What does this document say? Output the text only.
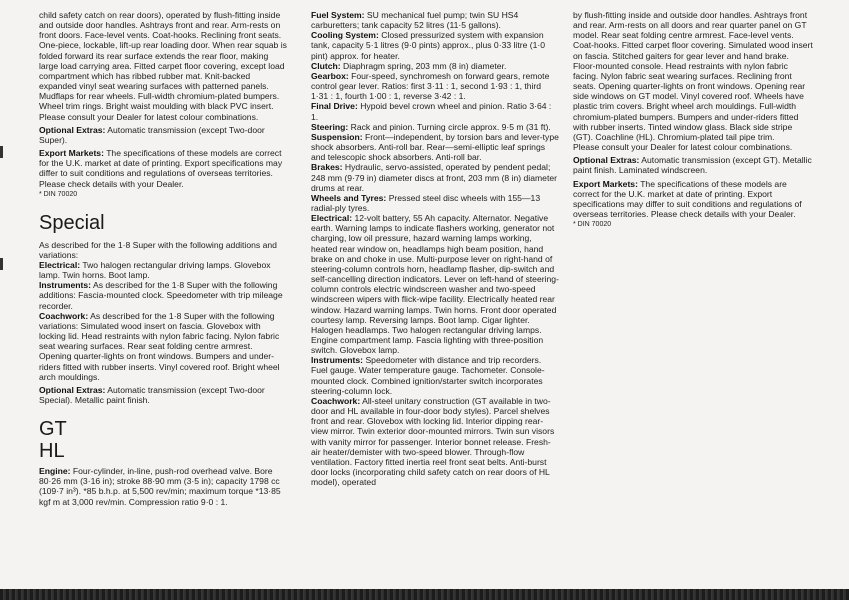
child safety catch on rear doors), operated by flush-fitting inside and outside door handles. Ashtrays front and rear. Arm-rests on front doors. Face-level vents. Coat-hooks. Reclining front seats. One-piece, lockable, lift-up rear loading door. When rear squab is folded forward its rear surface extends the rear floor, making large load carrying area. Fitted carpet floor covering, except load compartment which has ribbed rubber mat. Knit-backed expanded vinyl seat wearing surfaces with patterned panels. Mudflaps for rear wheels. Full-width chromium-plated bumpers. Wheel trim rings. Bright waist moulding with black PVC insert.

Please consult your Dealer for latest colour combinations.

Optional Extras: Automatic transmission (except Two-door Super).

Export Markets: The specifications of these models are correct for the U.K. market at date of printing. Export specifications may differ to suit conditions and regulations of overseas territories. Please check details with your Dealer.

* DIN 70020

Special

As described for the 1·8 Super with the following additions and variations:

Electrical: Two halogen rectangular driving lamps. Glovebox lamp. Twin horns. Boot lamp.

Instruments: As described for the 1·8 Super with the following additions: Fascia-mounted clock. Speedometer with trip mileage recorder.

Coachwork: As described for the 1·8 Super with the following variations: Simulated wood insert on fascia. Glovebox with locking lid. Head restraints with nylon fabric facing. Nylon fabric seat wearing surfaces. Rear seat folding centre armrest. Opening quarter-lights on front windows. Bumpers and under-riders fitted with rubber inserts. Vinyl covered roof. Bright wheel arch mouldings.

Optional Extras: Automatic transmission (except Two-door Special). Metallic paint finish.

GT
HL

Engine: Four-cylinder, in-line, push-rod overhead valve. Bore 80·26 mm (3·16 in); stroke 88·90 mm (3·5 in); capacity 1798 cc (109·7 in³). *85 b.h.p. at 5,500 rev/min; maximum torque *13·85 kgf m at 3,000 rev/min. Compression ratio 9·0 : 1.

Fuel System: SU mechanical fuel pump; twin SU HS4 carburetters; tank capacity 52 litres (11·5 gallons).

Cooling System: Closed pressurized system with expansion tank, capacity 5·1 litres (9·0 pints) approx., plus 0·33 litre (1·0 pint) approx. for heater.

Clutch: Diaphragm spring, 203 mm (8 in) diameter.

Gearbox: Four-speed, synchromesh on forward gears, remote control gear lever. Ratios: first 3·11 : 1, second 1·93 : 1, third 1·31 : 1, fourth 1·00 : 1, reverse 3·42 : 1.

Final Drive: Hypoid bevel crown wheel and pinion. Ratio 3·64 : 1.

Steering: Rack and pinion. Turning circle approx. 9·5 m (31 ft).

Suspension: Front—independent, by torsion bars and lever-type shock absorbers. Anti-roll bar. Rear—semi-elliptic leaf springs and telescopic shock absorbers. Anti-roll bar.

Brakes: Hydraulic, servo-assisted, operated by pendent pedal; 248 mm (9·79 in) diameter discs at front, 203 mm (8 in) diameter drums at rear.

Wheels and Tyres: Pressed steel disc wheels with 155—13 radial-ply tyres.

Electrical: 12-volt battery, 55 Ah capacity. Alternator. Negative earth. Warning lamps to indicate flashers working, generator not charging, low oil pressure, hazard warning lamps working, heated rear window on, headlamps high beam position, hand brake on and choke in use. Multi-purpose lever on right-hand of steering-column controls horn, headlamp flasher, dip-switch and self-cancelling direction indicators. Lever on left-hand of steering-column controls electric windscreen washer and two-speed windscreen wipers with flick-wipe facility. Electrically heated rear window. Hazard warning lamps. Twin horns. Front door operated courtesy lamp. Reversing lamps. Boot lamp. Cigar lighter. Halogen headlamps. Two halogen rectangular driving lamps. Engine compartment lamp. Fascia lighting with three-position switch. Glovebox lamp.

Instruments: Speedometer with distance and trip recorders. Fuel gauge. Water temperature gauge. Tachometer. Console-mounted clock. Combined ignition/starter switch incorporates steering-column lock.

Coachwork: All-steel unitary construction (GT available in two-door and HL available in four-door body styles). Parcel shelves front and rear. Glovebox with locking lid. Interior dipping rear-view mirror. Twin exterior door-mounted mirrors. Twin sun visors with vanity mirror for passenger. Interior bonnet release. Fresh-air heater/demister with two-speed blower. Through-flow ventilation. Factory fitted inertia reel front seat belts. Anti-burst door locks (incorporating child safety catch on rear doors of HL model), operated

by flush-fitting inside and outside door handles. Ashtrays front and rear. Arm-rests on all doors and rear quarter panel on GT model. Rear seat folding centre armrest. Face-level vents. Coat-hooks. Fitted carpet floor covering. Simulated wood insert on fascia. Stitched gaiters for gear lever and hand brake. Floor-mounted console. Head restraints with nylon fabric facing. Nylon fabric seat wearing surfaces. Reclining front seats. Opening quarter-lights on front windows. Opening rear side windows on GT model. Vinyl covered roof. Wheels have plastic trim covers. Bright wheel arch mouldings. Full-width chromium-plated bumpers. Bumpers and under-riders fitted with rubber inserts. Tinted window glass. Black side stripe (GT). Coachline (HL). Chromium-plated tail pipe trim.

Please consult your Dealer for latest colour combinations.

Optional Extras: Automatic transmission (except GT). Metallic paint finish. Laminated windscreen.

Export Markets: The specifications of these models are correct for the U.K. market at date of printing. Export specifications may differ to suit conditions and regulations of overseas territories. Please check details with your Dealer.

* DIN 70020
